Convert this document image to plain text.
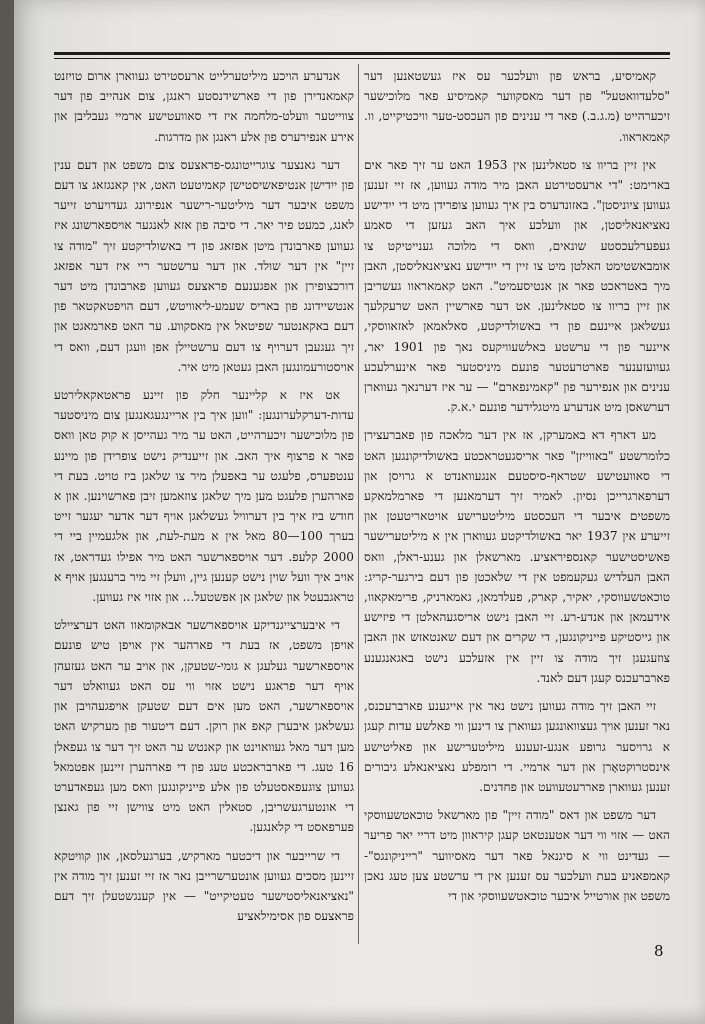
קאמיסיע, בראש פון וועלכער עס איז געשטאנען דער "סלעדוואטעל" פון דער מאסקווער קאמיסיע פאר מלוכישער זיכערהייט (מ.ג.ב.) פאר די ענינים פון העכסט-טער וויכטיקייט, וו. קאמאראוו.

אין זיין בריוו צו סטאלינען אין 1953 האט ער זיך פאר אים בארימט: "די ארעסטירטע האבן מיר מודה געווען, אז זיי זענען געווען ציוניסטן". באזונדערס בין איך געווען צופרידן מיט די ייִדישע נאציאנאליסטן, און וועלכע איך האב געזען די סאמע געפערלעכסטע שונאים, וואס די מלוכה גענייטיקט צו אומבאשטימט האלטן מיט צו זיין די ייִדישע נאציאנאליסטן, האבן מיך באטראכט פאר אן אנטיסעמיט". האט קאמאראוו געשריבן און זיין בריוו צו סטאלינען. אט דער פארשיין האט שרעקלעך געשלאגן איינעם פון די באשולדיקטע, סאלאמאן לאזאווסקי, איינער פון די ערשטע באלשעוויקעס נאך פון 1901 יאר, געוועזענער פארטרעטער פונעם מיניסטער פאר אינערלעכע ענינים און אנפירער פון "קאמינפארם" — ער איז דערנאך געווארן דערשאסן מיט אנדערע מיטגלידער פונעם י.א.ק.

מע דארף דא באמערקן, אז אין דער מלאכה פון פאברעצירן כלומרשטע "באווייזן" פאר אריסגעטראכטע באשולדיקונגען האט די סאוועטישע שטראף-סיסטעם אנגעוואנדט א גרויסן און דערפארגרייכן נסיון. לאמיר זיך דערמאנען די פארמלמאקע משפטים איבער די העכסטע מיליטערישע אויטאריטעטן און זייערע אין 1937 יאר באשולדיקטע געווארן אין א מיליטערישער פאשיסטישער קאנספיראציע. מארשאלן און גענע-ראלן, וואס האבן העלדיש געקעמפט אין די שלאכטן פון דעם בירגער-קריג: טוכאטשעווסקי, יאקיר, קארק, פעלדמאן, גאמארניק, פרימאקאוו, אידעמאן און אנדע-רע. זיי האבן נישט אריסגעהאלטן די פיזישע און גייסטיקע פייניקונגען, די שקרים און דעם שאנטאזש און האבן צוזעגעגן זיך מודה צו זיין אין אזעלכע נישט באגאנגענע פארברעכנס קעגן דעם לאנד.

זיי האבן זיך מודה געווען נישט נאר אין אייגענע פארברעכנס, נאר זענען אויך געצוואונגען געווארן צו דינען ווי פאלשע עדות קעגן א גרויסער גרופע אנגע-זעענע מיליטערישע און פאליטישע אינסטרוקטאָרן און דער ארמיי. די רומפלע נאציאנאלע גיבורים זענען געווארן פאררעטעוועט און פחדנים.

דער משפט און דאס "מודה זיין" פון מארשאל טוכאטשעווסקי האט — אזוי ווי דער אטענטאט קעגן קיראוון מיט דריי יאר פריער — געדינט ווי א סיגנאל פאר דער מאסיווער "רייניקונגס"-קאמפאניע בעת וועלכער עס זענען אין די ערשטע צען טעג נאכן משפט און אורטייל איבער טוכאטשעווסקי און די

אנדערע הויכע מיליטערלייט ארעסטירט געווארן ארום טויזנט קאמאנדירן פון די פארשידנסטע ראנגן, צום אנהייב פון דער צווייטער וועלט-מלחמה איז די סאוועטישע ארמיי געבליבן און אירע אנפירערס פון אלע ראנגן און מדרגות.

דער גאנצער צוגרייטונגס-פראצעס צום משפט און דעם ענין פון ייִדישן אנטיפאשיסטישן קאמיטעט האט, אין קאנגזאג צו דעם משפט איבער דער מיליטער-רישער אנפירונג געדויערט זייער לאנג, כמעט פיר יאר. די סיבה פון אזא לאנגער אויספארשונג איז געווען פארבונדן מיטן אפזאג פון די באשולדיקטע זיך "מודה צו זיין" אין דער שולד. און דער ערשטער ריי איז דער אפזאג דורכצופירן און אפגענעם פראצעס געווען פארבונדן מיט דער אנטשיידונג פון באריס שעמע-ליאוויטש, דעם הויפטאקטאר פון דעם באקאנטער שפיטאל אין מאסקווע. ער האט פארמאגט און זיך געגעבן דערויף צו דעם ערשטיילן אפן וועגן דעם, וואס די אויסטורעמונגען האבן געטאן מיט איר.

אט איז א קליינער חלק פון זיינע פראטאקאלירטע עדות-דערקלערונגען: "ווען איך בין אריינגעגאנגען צום מיניסטער פון מלוכישער זיכערהייט, האט ער מיר געהייסן א קוק טאן וואס פאר א פרצוף איך האב. און זייענדיק נישט צופרידן פון מיינע ענטפערס, פלעגט ער באפעלן מיר צו שלאגן ביז טויט. בעת די פארהערן פלעגט מען מיך שלאגן צוזאמען זיבן פארשוינען. און א חודש ביז איך בין דערוויל געשלאגן אויף דער אדער יעגער זייט בערך 100—80 מאל אין א מעת-לעת, און אלגעמיין ביי די 2000 קלעפ. דער אויספארשער האט מיר אפילו געדראט, אז אויב איך וועל שוין נישט קענען גיין, וועלן זיי מיר ברענגען אויף א טראגבעטל און שלאגן אן אפשטעל... און אזוי איז געווען.

די איבערצייגנדיקע אויספארשער אבאקומאוו האט דערציילט אויפן משפט, אז בעת די פארהער אין אויפן טיש פונעם אויספארשער געלעגן א גומי-שטעקן, און אויב ער האט געזעהן אויף דער פראגע נישט אזוי ווי עס האט געוואלט דער אויספארשער, האט מען אים דעם שטעקן אויפגעהויבן און געשלאגן איבערן קאפ און רוקן. דעם דיטעור פון מערקיש האט מען דער מאל געוואוינט און קאנטש ער האט זיך דער צו געפאלן 16 טעג. די פארבראכטע טעג פון די פארהערן זיינען אפטמאל געווען צוגעפאסטעלט פון אלע פייניקונגען וואס מען געפאדערט די אונטערגעשריבן, סטאלין האט מיט צווישן זיי פון גאנצן פערפאסט די קלאנגען.

די שרייבער און דיכטער מארקיש, בערגעלסאן, און קוויטקא זיינען מסכים געווען אונטערשרייבן נאר אז זיי זענען זיך מודה אין "נאציאנאליסטישער טעטיקייט" — אין קענגשטעלן זיך דעם פראצעס פון אסימילאציע

8
